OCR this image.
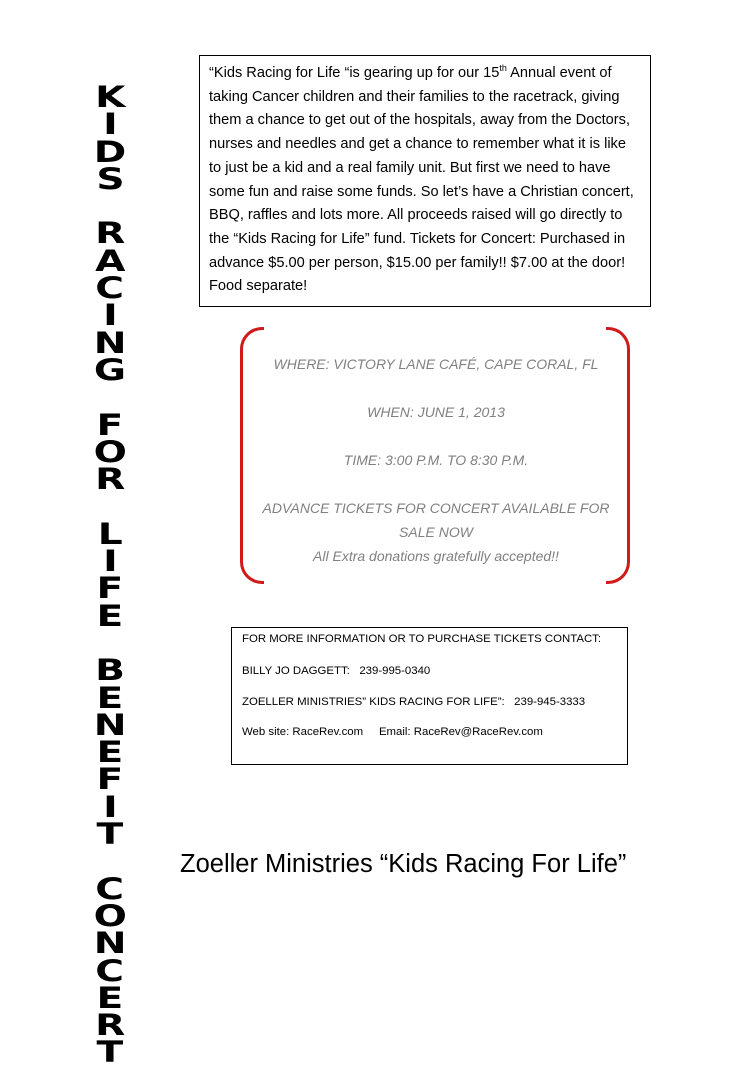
K
I
D
S
R
A
C
I
N
G
F
O
R
L
I
F
E
B
E
N
E
F
I
T
C
O
N
C
E
R
T
“Kids Racing for Life “is gearing up for our 15th Annual event of taking Cancer children and their families to the racetrack, giving them a chance to get out of the hospitals, away from the Doctors, nurses and needles and get a chance to remember what it is like to just be a kid and a real family unit. But first we need to have some fun and raise some funds. So let’s have a Christian concert, BBQ, raffles and lots more. All proceeds raised will go directly to the “Kids Racing for Life” fund. Tickets for Concert: Purchased in advance $5.00 per person, $15.00 per family!! $7.00 at the door! Food separate!
WHERE: VICTORY LANE CAFÉ, CAPE CORAL, FL

WHEN: JUNE 1, 2013

TIME: 3:00 P.M. TO 8:30 P.M.

ADVANCE TICKETS FOR CONCERT AVAILABLE FOR
SALE NOW
All Extra donations gratefully accepted!!
FOR MORE INFORMATION OR TO PURCHASE TICKETS CONTACT:
BILLY JO DAGGETT:   239-995-0340
ZOELLER MINISTRIES” KIDS RACING FOR LIFE”:   239-945-3333
Web site: RaceRev.com     Email: RaceRev@RaceRev.com
Zoeller Ministries “Kids Racing For Life”
